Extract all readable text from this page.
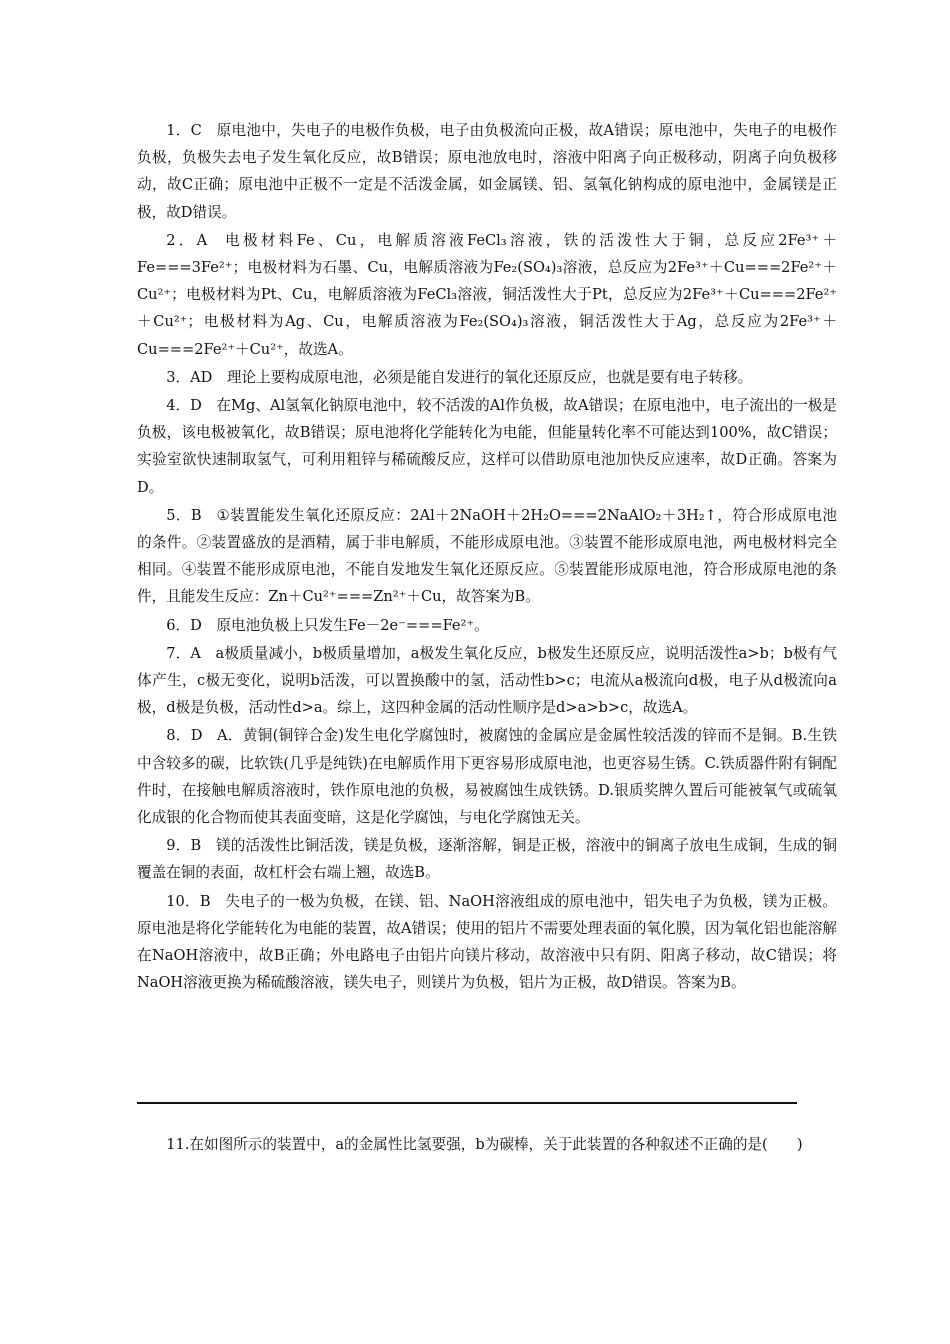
1．C 原电池中，失电子的电极作负极，电子由负极流向正极，故A错误；原电池中，失电子的电极作负极，负极失去电子发生氧化反应，故B错误；原电池放电时，溶液中阳离子向正极移动，阴离子向负极移动，故C正确；原电池中正极不一定是不活泼金属，如金属镁、铝、氢氧化钠构成的原电池中，金属镁是正极，故D错误。

2．A 电极材料Fe、Cu，电解质溶液FeCl₃溶液，铁的活泼性大于铜，总反应2Fe³⁺＋Fe===3Fe²⁺；电极材料为石墨、Cu，电解质溶液为Fe₂(SO₄)₃溶液，总反应为2Fe³⁺＋Cu===2Fe²⁺＋Cu²⁺；电极材料为Pt、Cu，电解质溶液为FeCl₃溶液，铜活泼性大于Pt，总反应为2Fe³⁺＋Cu===2Fe²⁺＋Cu²⁺；电极材料为Ag、Cu，电解质溶液为Fe₂(SO₄)₃溶液，铜活泼性大于Ag，总反应为2Fe³⁺＋Cu===2Fe²⁺＋Cu²⁺，故选A。

3．AD 理论上要构成原电池，必须是能自发进行的氧化还原反应，也就是要有电子转移。

4．D 在Mg、Al氢氧化钠原电池中，较不活泼的Al作负极，故A错误；在原电池中，电子流出的一极是负极，该电极被氧化，故B错误；原电池将化学能转化为电能，但能量转化率不可能达到100%，故C错误；实验室欲快速制取氢气，可利用粗锌与稀硫酸反应，这样可以借助原电池加快反应速率，故D正确。答案为D。

5．B ①装置能发生氧化还原反应：2Al＋2NaOH＋2H₂O===2NaAlO₂＋3H₂↑，符合形成原电池的条件。②装置盛放的是酒精，属于非电解质，不能形成原电池。③装置不能形成原电池，两电极材料完全相同。④装置不能形成原电池，不能自发地发生氧化还原反应。⑤装置能形成原电池，符合形成原电池的条件，且能发生反应：Zn＋Cu²⁺===Zn²⁺＋Cu，故答案为B。

6．D 原电池负极上只发生Fe－2e⁻===Fe²⁺。

7．A a极质量减小，b极质量增加，a极发生氧化反应，b极发生还原反应，说明活泼性a>b；b极有气体产生，c极无变化，说明b活泼，可以置换酸中的氢，活动性b>c；电流从a极流向d极，电子从d极流向a极，d极是负极，活动性d>a。综上，这四种金属的活动性顺序是d>a>b>c，故选A。

8．D A．黄铜(铜锌合金)发生电化学腐蚀时，被腐蚀的金属应是金属性较活泼的锌而不是铜。B.生铁中含较多的碳，比软铁(几乎是纯铁)在电解质作用下更容易形成原电池，也更容易生锈。C.铁质器件附有铜配件时，在接触电解质溶液时，铁作原电池的负极，易被腐蚀生成铁锈。D.银质奖牌久置后可能被氧气或硫氧化成银的化合物而使其表面变暗，这是化学腐蚀，与电化学腐蚀无关。

9．B 镁的活泼性比铜活泼，镁是负极，逐渐溶解，铜是正极，溶液中的铜离子放电生成铜，生成的铜覆盖在铜的表面，故杠杆会右端上翘，故选B。

10．B 失电子的一极为负极，在镁、铝、NaOH溶液组成的原电池中，铝失电子为负极，镁为正极。原电池是将化学能转化为电能的装置，故A错误；使用的铝片不需要处理表面的氧化膜，因为氧化铝也能溶解在NaOH溶液中，故B正确；外电路电子由铝片向镁片移动，故溶液中只有阴、阳离子移动，故C错误；将NaOH溶液更换为稀硫酸溶液，镁失电子，则镁片为负极，铝片为正极，故D错误。答案为B。

11.在如图所示的装置中，a的金属性比氢要强，b为碳棒，关于此装置的各种叙述不正确的是( )
